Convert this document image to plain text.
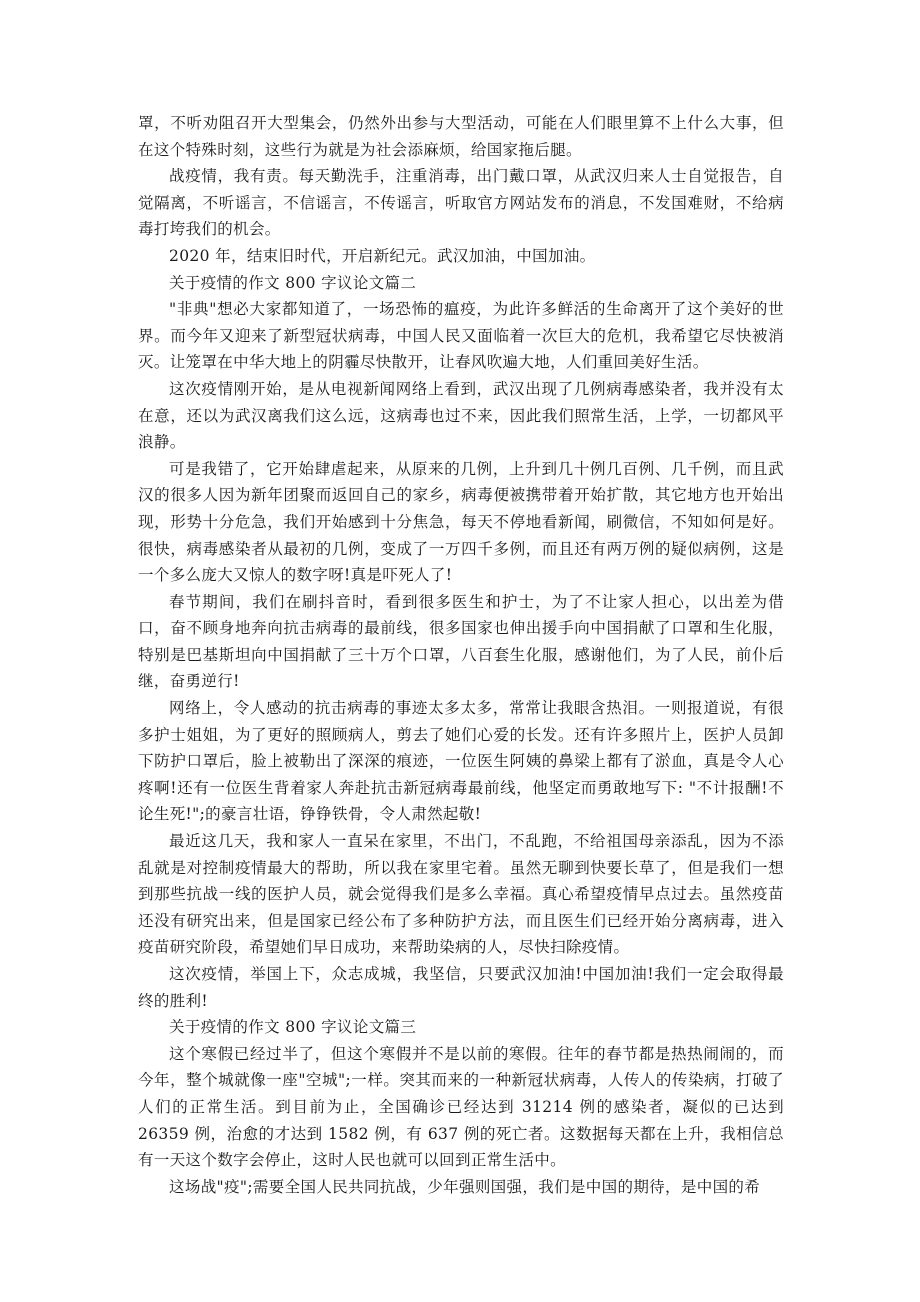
罩，不听劝阻召开大型集会，仍然外出参与大型活动，可能在人们眼里算不上什么大事，但在这个特殊时刻，这些行为就是为社会添麻烦，给国家拖后腿。

战疫情，我有责。每天勤洗手，注重消毒，出门戴口罩，从武汉归来人士自觉报告，自觉隔离，不听谣言，不信谣言，不传谣言，听取官方网站发布的消息，不发国难财，不给病毒打垮我们的机会。

2020 年，结束旧时代，开启新纪元。武汉加油，中国加油。

关于疫情的作文 800 字议论文篇二

"非典"想必大家都知道了，一场恐怖的瘟疫，为此许多鲜活的生命离开了这个美好的世界。而今年又迎来了新型冠状病毒，中国人民又面临着一次巨大的危机，我希望它尽快被消灭。让笼罩在中华大地上的阴霾尽快散开，让春风吹遍大地，人们重回美好生活。

这次疫情刚开始，是从电视新闻网络上看到，武汉出现了几例病毒感染者，我并没有太在意，还以为武汉离我们这么远，这病毒也过不来，因此我们照常生活，上学，一切都风平浪静。

可是我错了，它开始肆虐起来，从原来的几例，上升到几十例几百例、几千例，而且武汉的很多人因为新年团聚而返回自己的家乡，病毒便被携带着开始扩散，其它地方也开始出现，形势十分危急，我们开始感到十分焦急，每天不停地看新闻，刷微信，不知如何是好。很快，病毒感染者从最初的几例，变成了一万四千多例，而且还有两万例的疑似病例，这是一个多么庞大又惊人的数字呀!真是吓死人了!

春节期间，我们在刷抖音时，看到很多医生和护士，为了不让家人担心，以出差为借口，奋不顾身地奔向抗击病毒的最前线，很多国家也伸出援手向中国捐献了口罩和生化服，特别是巴基斯坦向中国捐献了三十万个口罩，八百套生化服，感谢他们，为了人民，前仆后继，奋勇逆行!

网络上，令人感动的抗击病毒的事迹太多太多，常常让我眼含热泪。一则报道说，有很多护士姐姐，为了更好的照顾病人，剪去了她们心爱的长发。还有许多照片上，医护人员卸下防护口罩后，脸上被勒出了深深的痕迹，一位医生阿姨的鼻梁上都有了淤血，真是令人心疼啊!还有一位医生背着家人奔赴抗击新冠病毒最前线，他坚定而勇敢地写下: "不计报酬!不论生死!";的豪言壮语，铮铮铁骨，令人肃然起敬!

最近这几天，我和家人一直呆在家里，不出门，不乱跑，不给祖国母亲添乱，因为不添乱就是对控制疫情最大的帮助，所以我在家里宅着。虽然无聊到快要长草了，但是我们一想到那些抗战一线的医护人员，就会觉得我们是多么幸福。真心希望疫情早点过去。虽然疫苗还没有研究出来，但是国家已经公布了多种防护方法，而且医生们已经开始分离病毒，进入疫苗研究阶段，希望她们早日成功，来帮助染病的人，尽快扫除疫情。

这次疫情，举国上下，众志成城，我坚信，只要武汉加油!中国加油!我们一定会取得最终的胜利!

关于疫情的作文 800 字议论文篇三

这个寒假已经过半了，但这个寒假并不是以前的寒假。往年的春节都是热热闹闹的，而今年，整个城就像一座"空城";一样。突其而来的一种新冠状病毒，人传人的传染病，打破了人们的正常生活。到目前为止，全国确诊已经达到 31214 例的感染者，凝似的已达到 26359 例，治愈的才达到 1582 例，有 637 例的死亡者。这数据每天都在上升，我相信总有一天这个数字会停止，这时人民也就可以回到正常生活中。

这场战"疫";需要全国人民共同抗战，少年强则国强，我们是中国的期待，是中国的希
